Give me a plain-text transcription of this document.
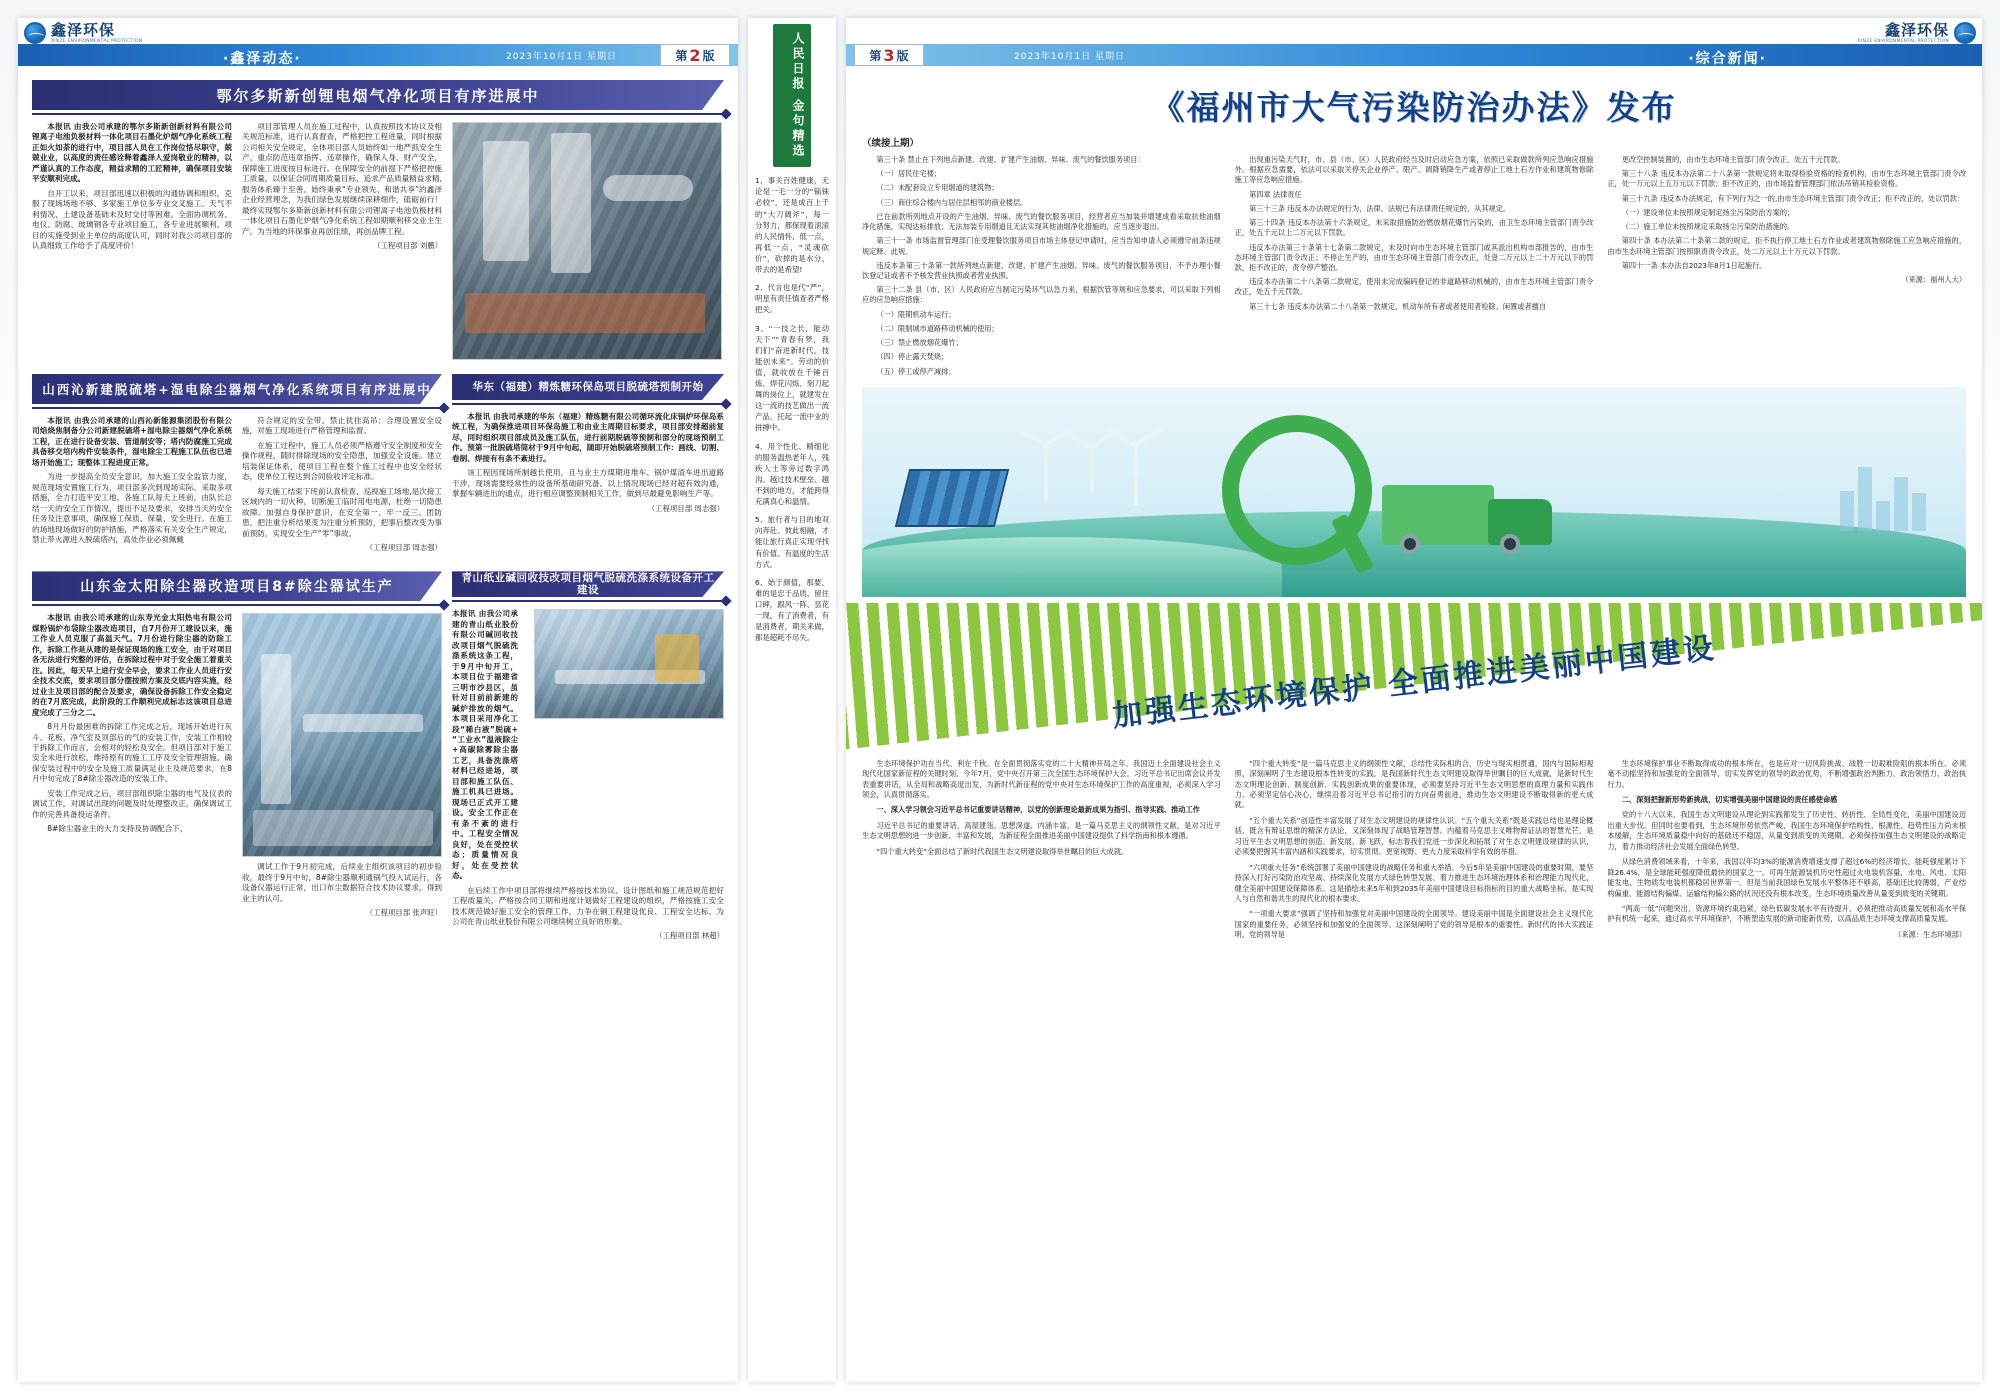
鑫泽环保
XINZE ENVIRONMENTAL PROTECTION
·鑫泽动态·	2023年10月1日 星期日	第 2 版
鄂尔多斯新创锂电烟气净化项目有序进展中

本报讯 由我公司承建的鄂尔多斯新创新材料有限公司锂离子电池负极材料一体化项目石墨化炉烟气净化系统工程正如火如荼的进行中，项目部人员在工作岗位恪尽职守，兢兢业业，以高度的责任感诠释着鑫泽人爱岗敬业的精神，以严谨认真的工作态度，精益求精的工匠精神，确保项目安装平安顺利完成。

自开工以来，项目部迅速以积极的沟通协调和组织，克服了现场场地不够、多家施工单位多专业交叉施工、天气不利情况、土建设备基础未及时交付等困难。全面协调机务、电仪、防腐、玻璃钢各专业项目施工，各专业进展顺利。项目的实施受到业主单位的高度认可，同时对我公司项目部的认真细致工作给予了高度评价！

项目部管理人员在施工过程中，认真按照技术协议及相关规范标准，进行认真督查，严格把控工程进量，同时根据公司相关安全规定，全体项目部人员始终如一地严抓安全生产，重点防范违章指挥、违章操作，确保人身、财产安全，保障施工进度按目标进行。在保障安全的前提下严格把控施工质量，以保证合同周期质量目标，追求产品质量精益求精,服务体系臻于至善。始终秉承“专业领先、和谐共享”的鑫泽企业经营理念，为我们绿色发展继续深耕细作，砥砺前行！最终实现鄂尔多斯新创新材料有限公司锂离子电池负极材料一体化项目石墨化炉烟气净化系统工程如期顺利移交业主生产，为当地的环保事业再创佳绩，再创品牌工程。

（工程项目部 刘鹏）

山西沁新建脱硫塔+湿电除尘器烟气净化系统项目有序进展中

本报讯 由我公司承建的山西沁新能源集团股份有限公司焙烧焦制备分公司新建脱硫塔+湿电除尘器烟气净化系统工程，正在进行设备安装、管道制安等；塔内防腐施工完成具备移交培内构件安装条件，湿电除尘工程施工队伍也已进场开始施工；现整体工程进度正常。

为进一步提高全员安全意识，加大施工安全监管力度，规范现场安置施工行为，项目部多次到现场实际、采取多项措施，全力打造平安工地。各施工队每天上班前，由队长总结一天的安全工作情况，提出不足及要求，安排当天的安全任务及注意事项，确保施工保质、保量、安全进行。在施工的场地现场做好的防护措施，严格落实有关安全生产规定，禁止带火源进入脱硫塔内，高处作业必须佩戴

符合规定的安全带。禁止扰挂高吊；合理设置安全设施，对施工现场进行严格管理和监督。

在施工过程中，施工人员必须严格遵守安全制度和安全操作规程，随时排除现场的安全隐患，加强安全设施。建立培装保证体系，使项目工程在整个施工过程中也安全经状态，使单位工程达到合同验收评定标准。

每天施工结束下班前认真检查、巡视施工场地,是次接工区域内的一切火种，切断施工临时用电电源，杜绝一切隐患故障。加强自身保护意识，在安全第一、牢一反三、团防患，把注重分析结果变为注重分析预防，把事后整改变为事前预防，实现安全生产“零”事故。

（工程项目部 周志强）

华东（福建）精炼糖环保岛项目脱硫塔预制开始

本报讯 由我司承建的华东（福建）精炼糖有限公司循环流化床锅炉环保岛系统工程，为确保推进项目环保岛施工和由业主周期目标要求，项目部安排超前复尽，同时组织项目部成员及施工队伍，进行前期脱硫等预制和部分的现场预制工作。预第一批脱硫塔筒材于9月中旬起，随即开始脱硫塔预制工作：画线、切割、卷制、焊接有有条不紊进行。

该工程因现场所制越长使用，且与业主方煤期进堆车、锅炉煤渣车进出道路干涉，现场需要经常性的设备所基础研究备。以上情况现场已经对超有效沟通，掌握车辆进出的通点，进行相应调整预制相关工作，做到尽最避免影响生产等。

（工程项目部 周志强）

山东金太阳除尘器改造项目8#除尘器试生产

本报讯 由我公司承建的山东寿光金太阳热电有限公司煤粉锅炉布袋除尘器改造项目，自7月份开工建设以来，施工作业人员克服了高温天气。7月份进行除尘器的防除工作，拆除工作是从建的是保证现场的施工安全，由于对项目各无法进行究整的评估，在拆除过程中对于安全施工着重关注。因此，每天早上进行安全早会，要求工作业人员进行安全技术交底，要求项目部分摆按照方案及交底内容实施，经过业主及项目部的配合及要求，确保设备拆除工作安全稳定的在7月底完成，此阶段的工作顺利完成标志这该项目总进度完成了三分之二。

8月月份最困难的拆除工作完成之后，现场开始进行灰斗、花板、净气室及顶部后的气的安装工作，安装工作相较于拆除工作而言，会相对的轻松及安全。但项目部对于施工安全未进行放松，维持原有的施工工序及安全管理措施，确保安装过程中的安全及施工质量满足业主及规范要求，在8月中旬完成了8#除尘器改造的安装工作。

安装工作完成之后，项目部组织除尘器的电气及仪表的调试工作，对调试出现的问题及时处理整改正，确保调试工作的完善具备投运条件。

8#除尘器业主的大力支持及协调配合下，

调试工作于9月初完成，后续业主组织该项目的初步验收，最终于9月中旬，8#除尘器顺利通锅气投入试运行，各设备仪器运行正常，出口布尘数据符合技术协议要求，得到业主的认可。

（工程项目部 张声旺）

青山纸业碱回收技改项目烟气脱硫洗涤系统设备开工建设

本报讯 由我公司承建的青山纸业股份有限公司碱回收技改项目烟气脱硫洗涤系统这条工程，于9月中旬开工，本项目位于福建省三明市沙县区，虽针对目前前新建的碱炉排放的烟气。本项目采用净化工段“稀白液”脱硫+“工业水”温液除尘+高碳除雾除尘器工艺，具备洗涤塔材料已经进场，项目部和施工队伍、施工机具已进场。现场已正式开工建设。安全工作正在有条不紊的进行中。工程安全情况良好，处在受控状态；质量情况良好，处在受控状态。

在后续工作中项目部将继续严格按技术协议、设计图纸和施工规范规范把好工程质量关，严格按合同工期和进度计划做好工程建设的组织，严格按施工安全技术规范做好施工安全的管理工作，力争在铜工程建设优良、工程安全达标、为公司在青山纸业股份有限公司继续树立良好的形象。

（工程项目部 林超）

人民日报 金句精选

1、事关百姓健康，无论是一毛一分的“锱铢必较”，还是成百上千的“大刀阔斧”，每一分努力，都保现着滚滚的人民情怀、低一点，再低一点，“灵魂砍价”，砍掉的是水分、带去的是希望!

2、代言也是代“严”，明星有责任慎查者严格把关。

3、“一技之长，能动天下”“青春有梦，我们们“奋进新时代，技能创未来”。劳动的价值，就收放在千锤百炼、焊花闪烁、刻刀起舞的岗位上，就建发在这一流的技艺做出一流产品、托起一流中业的拼搏中。

4、用个性化、精细化的服务温热老年人，残疾人士等旁过数字鸿沟、越过技术壁垒、越不到的地方，才能跨得充满真心和温情。

5、旅行者与目的地双向奔赴、彼此相融，才能让旅行真正实现寻找有价值、有温度的生活方式。

6、始于颜值，那要，难的是忠于品质、留住口碑，跟风一阵、昙花一现，有了消费者，有是消费者，期关来做，都是超耗不尽失。

鑫泽环保
XINZE ENVIRONMENTAL PROTECTION
·综合新闻·
2023年10月1日 星期日
第 3 版
《福州市大气污染防治办法》发布
（续接上期）

第三十条 禁止在下列地点新建、改建、扩建产生油烟、异味、废气的餐饮服务项目：

（一）居民住宅楼；

（二）未配套设立专用烟道的建筑物；

（三）商住综合楼内与居住层相邻的商业楼层。

已在前款所列地点开设的产生油烟、异味、废气的餐饮服务项目，经营者应当加装并增建成看采取抗他油烟净化措施，实现达标排放；无法加装专用烟道且无法实现其他油烟净化措施的，应当逐步退出。

第三十一条 市场监督管理部门在受理餐饮服务项目市场主体登记申请时，应当告知申请人必须遵守前条违规规定释、此规。

违反本条第三十条第一款所列地点新建、改建、扩建产生油烟、异味、废气的餐饮服务项目，不予办理小餐饮登记证或者不予核发营业执照或者营业执照。

第三十二条 县（市、区）人民政府应当制定污染环气以急力来，根据饮管等规和应急要求，可以采取下列相应的应急响应措施：

（一）限期机动车运行；

（二）限制城市道路移动机械的使用；

（三）禁止燃放烟花爆竹；

（四）停止露天焚烧；

（五）停工或停产减排；

出现重污染天气时，市、县（市、区）人民政府经当及时启动应急方案，依照已采取做款所列应急响应措施外。根据应急需要，依法可以采取关停关企业停产、限产、调降销降生产或者停止工地土石方作业和建筑物修除施工等应急响应措施。

第四章 法律责任

第三十三条 违反本办法规定的行为，法律、法规已有法律责任规定的，从其规定。

第三十四条 违反本办法第十六条规定，未采取措施防治燃放烟花爆竹污染的，由卫生态环境主管部门责令改正，处五千元以上二万元以下罚款。

违反本办法第三十条第十七条第二款规定，未及时向市生态环境主管部门或其派出机构市部报告的，由市生态环境主管部门责令改正；不停止生产的，由市生态环境主管部门责令改正，处壹二万元以上二十万元以下的罚款，拒不改正的，责令停产整治。

违反本办法第二十八条第二款规定，使用未完成编码登记的非道路移动机械的，由市生态环境主管部门责令改正，处五千元罚款。

第三十七条 违反本办法第二十八条第一款规定、机动车所有者或者使用者检除、闲置或者擅自

更改空控制装置的，由市生态环境主管部门责令改正，处五千元罚款。

第三十八条 违反本办法第二十八条第一款规定将未取得检验资格的检查机构，由市生态环境主管部门责令改正，处一万元以上五万元以下罚款；拒不改正的，由市场监督管理部门依法吊销其检验资格。

第三十九条 违反本办法规定，有下列行为之一的,由市生态环境主管部门责令改正；拒不改正的，处以罚款：

（一）建设单位未按照规定制定扬尘污染防治方案的；

（二）施工单位未按照规定采取扬尘污染防治措施的。

第四十条 本办法第二十条第二款的规定，拒不执行停工地土石方作业或者建筑物修除施工应急响应措施的，由市生态环境主管部门按照职责责令改正，处二万元以上十万元以下罚款。

第四十一条 本办法自2023年8月1日起施行。

（来源：福州人大）

加强生态环境保护 全面推进美丽中国建设

生态环境保护功在当代、利在千秋。在全面贯彻落实党的二十大精神开局之年、我国迈上全面建设社会主义现代化国家新征程的关键时刻，今年7月，党中央召开第三次全国生态环境保护大会，习近平总书记出席会议并发表重要讲话，从全局和战略高度出发，为新时代新征程的党中央对生态环境保护工作的高度重视，必须深入学习领会，认真贯彻落实。

一、深入学习领会习近平总书记重要讲话精神，以党的创新理论最新成果为指引、指导实践、推动工作

习近平总书记的重要讲话，高屋建瓴、思想深遂、内涵丰富，是一篇马克思主义的纲领性文献，是对习近平生态文明思想的进一步创新、丰富和发展，为新征程全面推进美丽中国建设提供了科学指南和根本遵循。

“四个重大转变”全面总结了新时代我国生态文明建设取得举世瞩目的巨大成就。

“四个重大转变”是一篇马克思主义的纲领性文献，总结性实际相的合，历史与现实相贯通，国内与国际相观照，深刻阐明了生态建设根本性转变的实践，是我国新时代生态文明建设取得举世瞩目的巨大成就，是新时代生态文明理论创新、制度创新、实践创新成果的重要体现，必须要坚持习近平生态文明思想的真理力量和实践伟力。必须坚定信心决心，继续沿着习近平总书记指引的方向奋勇前进，推动生态文明建设不断取得新的更大成就。

“五个重大关系”创造性丰富发展了对生态文明建设的规律性认识。“五个重大关系”既是实践总结也是理论概括，既含有辩证思维的精深方法论，又深刻体现了战略管理智慧。内蕴着马克思主义唯物辩证法的智慧光芒，是习近平生态文明思想的创造、新发展、新飞跃，标志着我们党进一步深化和拓展了对生态文明建设规律的认识，必须要把握其丰富内涵和实践要求，切实贯彻、更宽视野、更大力度采取科学有效的举措。

“六项重大任务”系统部署了美丽中国建设的战略任务和重大举措。今后5年是美丽中国建设的重要时期，要坚持深入打好污染防治攻坚战、持续深化发展方式绿色转型发展、着力推进生态环境治理体系和治理能力现代化，健全美丽中国建设保障体系。这是描绘未来5年和到2035年美丽中国建设目标指标的目的重大战略坐标，是实现人与自然和谐共生的现代化的根本要求。

“一项重大要求”强调了坚持和加强党对美丽中国建设的全面领导。建设美丽中国是全面建设社会主义现代化国家的重要任务，必须坚持和加强党的全面领导。这深刻阐明了党的领导是根本的重要性。新时代的伟大实践证明，党的领导是

生态环境保护事业不断取得成功的根本所在，也是应对一切风险挑战、战胜一切艰难险阻的根本所在。必须毫不动摇坚持和加强党的全面领导，切实发挥党的领导的政治优势，不断增强政治判断力、政治领悟力、政治执行力。

二、深刻把握新形势新挑战，切实增强美丽中国建设的责任感使命感

党的十八大以来，我国生态文明建设从理论到实践都发生了历史性、转折性、全局性变化，美丽中国建设迈出重大步伐。但同时也要看到，生态环境形势依然严峻，我国生态环境保护结构性、根源性、趋势性压力尚未根本缓解，生态环境质量稳中向好的基础还不稳固，从量变到质变的关键期。必须保持加强生态文明建设的战略定力，着力推动经济社会发展全面绿色转型。

从绿色消费领域来看，十年来，我国以年均3%的能源消费增速支撑了超过6%的经济增长，能耗强度累计下降26.4%，是全球能耗强度降低最快的国家之一。可再生能源装机历史性超过火电装机容量，水电、风电、太阳能发电、生物质发电装机都稳居世界第一。但是当前我国绿色发展水平整体还不够高，基础还比较薄弱，产业结构偏重、能源结构偏煤、运输结构偏公路的状况还没有根本改变，生态环境质量改善从量变到质变的关键期。

“两高一低”问题突出，资源环境约束趋紧，绿色低碳发展水平有待提升。必须把推动高质量发展和高水平保护有机统一起来，通过高水平环境保护，不断塑造发展的新动能新优势，以高品质生态环境支撑高质量发展。

（来源：生态环境部）
